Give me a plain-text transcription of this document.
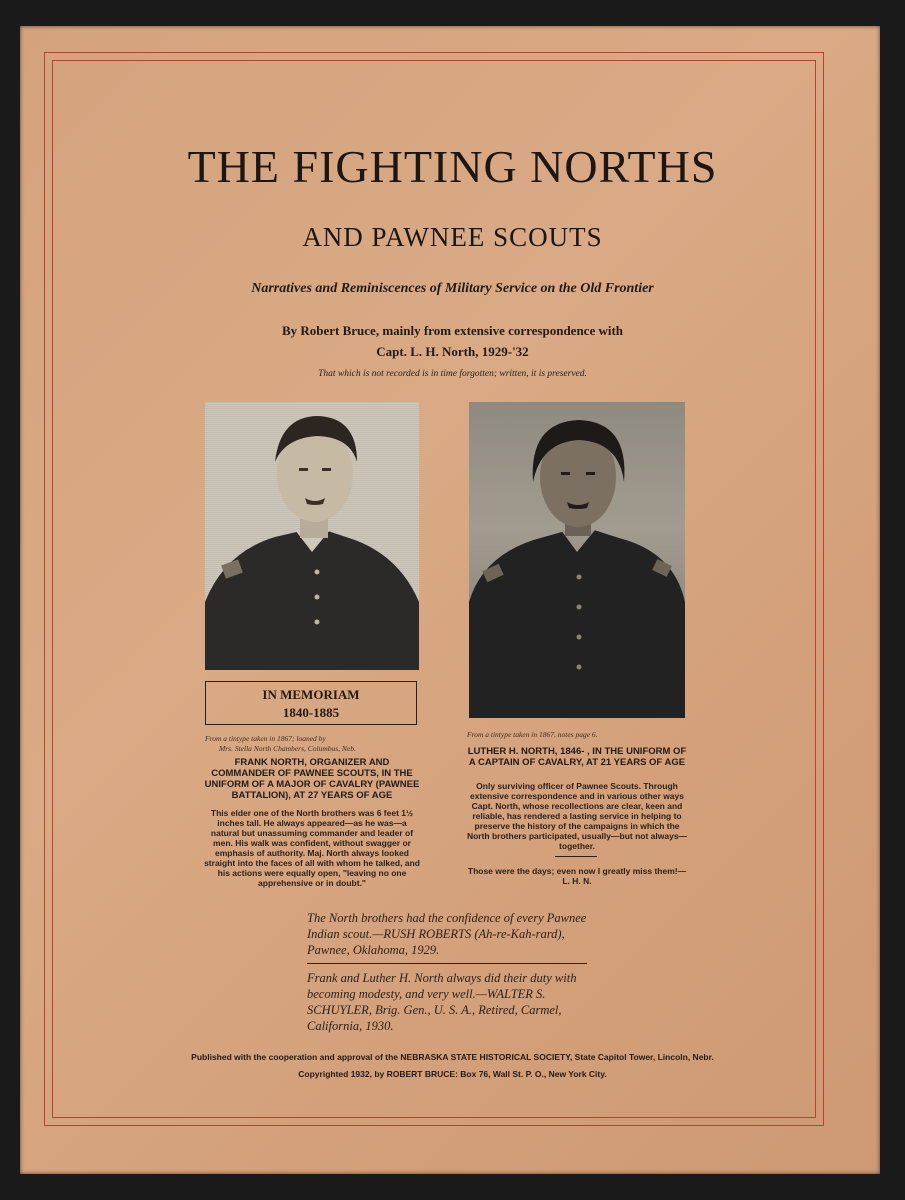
THE FIGHTING NORTHS
AND PAWNEE SCOUTS
Narratives and Reminiscences of Military Service on the Old Frontier
By Robert Bruce, mainly from extensive correspondence with
Capt. L. H. North, 1929-'32
That which is not recorded is in time forgotten; written, it is preserved.
IN MEMORIAM
1840-1885
From a tintype taken in 1867; loaned by
Mrs. Stella North Chambers, Columbus, Neb.
FRANK NORTH, ORGANIZER AND COMMANDER OF PAWNEE SCOUTS, IN THE UNIFORM OF A MAJOR OF CAVALRY (PAWNEE BATTALION), AT 27 YEARS OF AGE
This elder one of the North brothers was 6 feet 1½ inches tall. He always appeared—as he was—a natural but unassuming commander and leader of men. His walk was confident, without swagger or emphasis of authority. Maj. North always looked straight into the faces of all with whom he talked, and his actions were equally open, "leaving no one apprehensive or in doubt."
From a tintype taken in 1867, notes page 6.
LUTHER H. NORTH, 1846- , IN THE UNIFORM OF A CAPTAIN OF CAVALRY, AT 21 YEARS OF AGE
Only surviving officer of Pawnee Scouts. Through extensive correspondence and in various other ways Capt. North, whose recollections are clear, keen and reliable, has rendered a lasting service in helping to preserve the history of the campaigns in which the North brothers participated, usually—but not always—together.
Those were the days; even now I greatly miss them!—L. H. N.
The North brothers had the confidence of every Pawnee Indian scout.—RUSH ROBERTS (Ah-re-Kah-rard), Pawnee, Oklahoma, 1929.
Frank and Luther H. North always did their duty with becoming modesty, and very well.—WALTER S. SCHUYLER, Brig. Gen., U. S. A., Retired, Carmel, California, 1930.
Published with the cooperation and approval of the NEBRASKA STATE HISTORICAL SOCIETY, State Capitol Tower, Lincoln, Nebr.
Copyrighted 1932, by ROBERT BRUCE: Box 76, Wall St. P. O., New York City.
